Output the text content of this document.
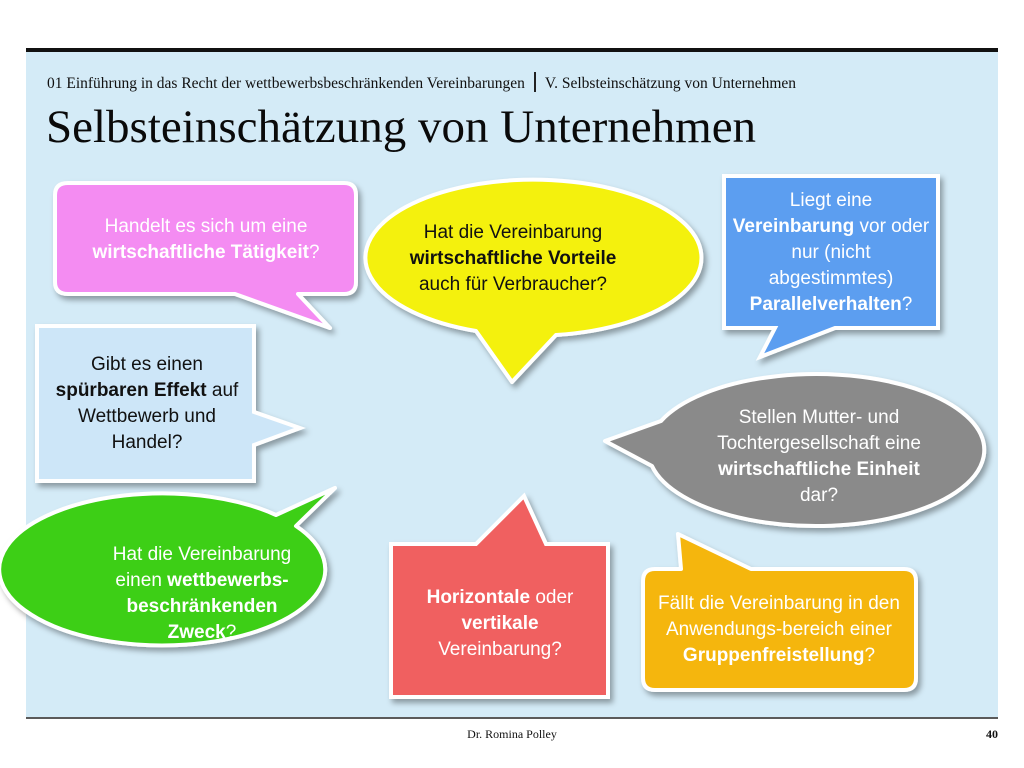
01 Einführung in das Recht der wettbewerbsbeschränkenden Vereinbarungen V. Selbsteinschätzung von Unternehmen
Selbsteinschätzung von Unternehmen
Handelt es sich um eine
wirtschaftliche Tätigkeit?
Hat die Vereinbarung
wirtschaftliche Vorteile auch für Verbraucher?
Liegt eine Vereinbarung vor oder nur (nicht abgestimmtes) Parallelverhalten?
Gibt es einen spürbaren Effekt auf Wettbewerb und Handel?
Stellen Mutter- und Tochtergesellschaft eine wirtschaftliche Einheit dar?
Hat die Vereinbarung einen wettbewerbs-beschränkenden Zweck?
Horizontale oder vertikale
Vereinbarung?
Fällt die Vereinbarung in den Anwendungs-bereich einer Gruppenfreistellung?
Dr. Romina Polley	40
